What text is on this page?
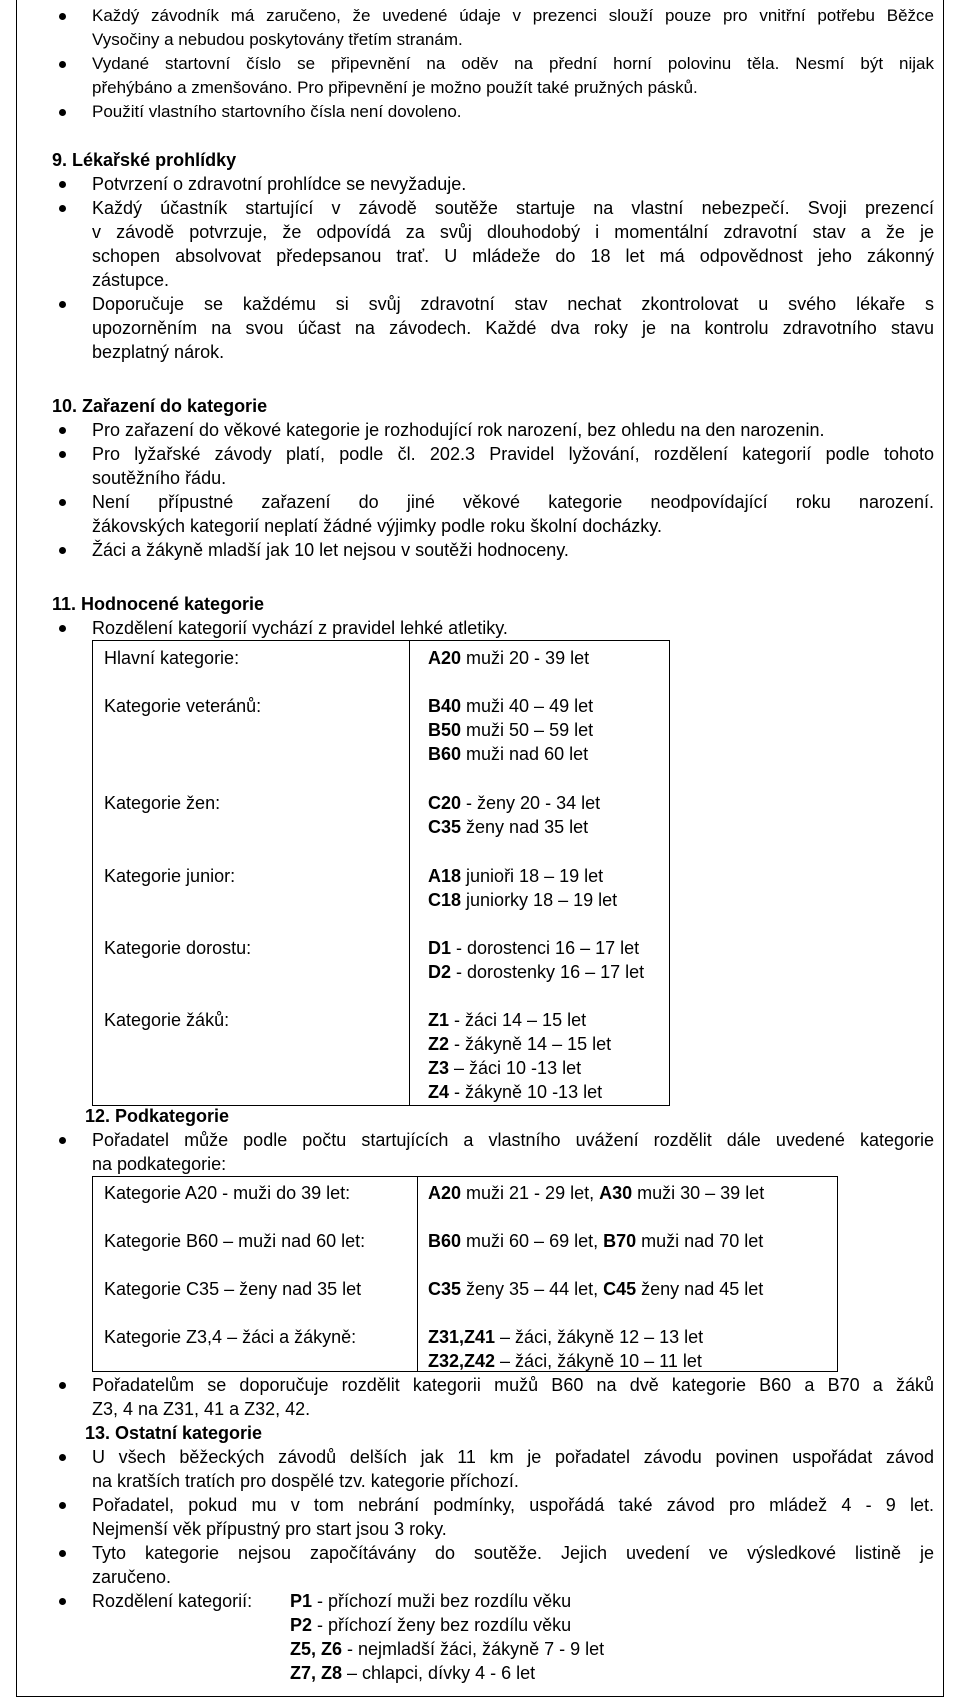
Každý závodník má zaručeno, že uvedené údaje v prezenci slouží pouze pro vnitřní potřebu Běžce
Vysočiny a nebudou poskytovány třetím stranám.
Vydané startovní číslo se připevnění na oděv na přední horní polovinu těla. Nesmí být nijak
přehýbáno a zmenšováno. Pro připevnění je možno použít také pružných pásků.
Použití vlastního startovního čísla není dovoleno.
9. Lékařské prohlídky
Potvrzení o zdravotní prohlídce se nevyžaduje.
Každý účastník startující v závodě soutěže startuje na vlastní nebezpečí. Svoji prezencí
v závodě potvrzuje, že odpovídá za svůj dlouhodobý i momentální zdravotní stav a že je
schopen absolvovat předepsanou trať. U mládeže do 18 let má odpovědnost jeho zákonný
zástupce.
Doporučuje se každému si svůj zdravotní stav nechat zkontrolovat u svého lékaře s
upozorněním na svou účast na závodech. Každé dva roky je na kontrolu zdravotního stavu
bezplatný nárok.
10. Zařazení do kategorie
Pro zařazení do věkové kategorie je rozhodující rok narození, bez ohledu na den narozenin.
Pro lyžařské závody platí, podle čl. 202.3 Pravidel lyžování, rozdělení kategorií podle tohoto
soutěžního řádu.
Není přípustné zařazení do jiné věkové kategorie neodpovídající roku narození.
žákovských kategorií neplatí žádné výjimky podle roku školní docházky.
Žáci a žákyně mladší jak 10 let nejsou v soutěži hodnoceny.
11. Hodnocené kategorie
Rozdělení kategorií vychází z pravidel lehké atletiky.
Hlavní kategorie:	A20 muži 20 - 39 let
Kategorie veteránů:	B40 muži 40 – 49 let
B50 muži 50 – 59 let
B60 muži nad 60 let
Kategorie žen:	C20 - ženy 20 - 34 let
C35 ženy nad 35 let
Kategorie junior:	A18 junioři 18 – 19 let
C18 juniorky 18 – 19 let
Kategorie dorostu:	D1 - dorostenci 16 – 17 let
D2 - dorostenky 16 – 17 let
Kategorie žáků:	Z1 - žáci 14 – 15 let
Z2 - žákyně 14 – 15 let
Z3 – žáci 10 -13 let
Z4 - žákyně 10 -13 let
12. Podkategorie
Pořadatel může podle počtu startujících a vlastního uvážení rozdělit dále uvedené kategorie
na podkategorie:
Kategorie A20 - muži do 39 let:	A20 muži 21 - 29 let, A30 muži 30 – 39 let
Kategorie B60 – muži nad 60 let:	B60 muži 60 – 69 let, B70 muži nad 70 let
Kategorie C35 – ženy nad 35 let	C35 ženy 35 – 44 let, C45 ženy nad 45 let
Kategorie Z3,4 – žáci a žákyně:	Z31,Z41 – žáci, žákyně 12 – 13 let
Z32,Z42 – žáci, žákyně 10 – 11 let
Pořadatelům se doporučuje rozdělit kategorii mužů B60 na dvě kategorie B60 a B70 a žáků
Z3, 4 na Z31, 41 a Z32, 42.
13. Ostatní kategorie
U všech běžeckých závodů delších jak 11 km je pořadatel závodu povinen uspořádat závod
na kratších tratích pro dospělé tzv. kategorie příchozí.
Pořadatel, pokud mu v tom nebrání podmínky, uspořádá také závod pro mládež 4 - 9 let.
Nejmenší věk přípustný pro start jsou 3 roky.
Tyto kategorie nejsou započítávány do soutěže. Jejich uvedení ve výsledkové listině je
zaručeno.
Rozdělení kategorií: P1 - příchozí muži bez rozdílu věku
P2 - příchozí ženy bez rozdílu věku
Z5, Z6 - nejmladší žáci, žákyně 7 - 9 let
Z7, Z8 – chlapci, dívky 4 - 6 let
